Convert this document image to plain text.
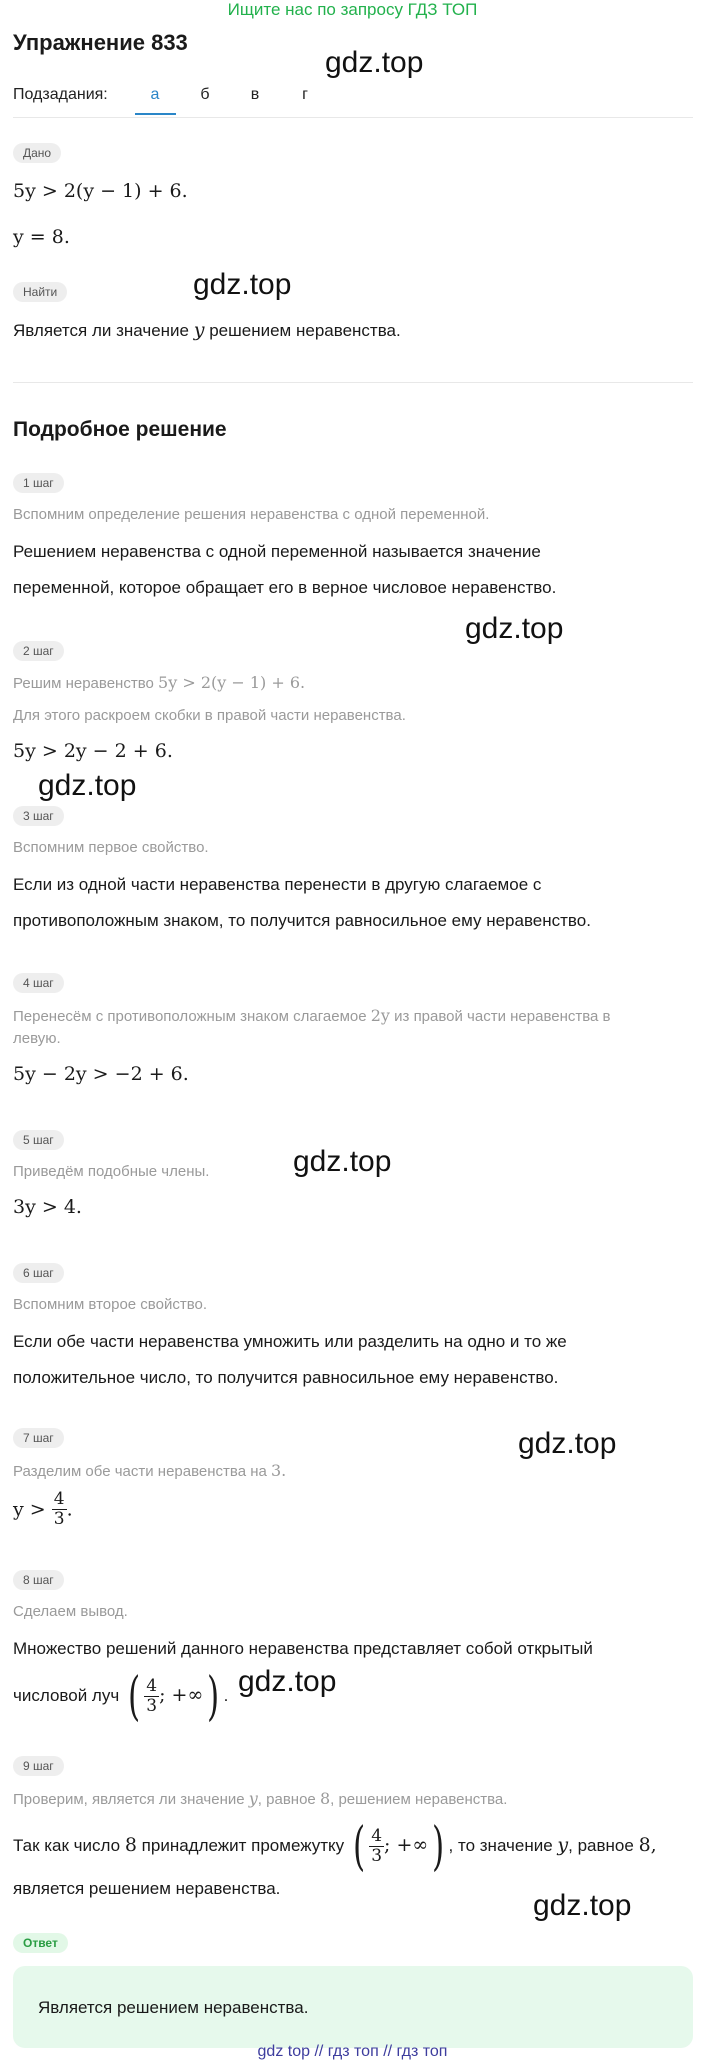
Ищите нас по запросу ГДЗ ТОП
Упражнение 833
gdz.top
Подзадания:	а	б	в	г
Дано
5y > 2(y − 1) + 6.
y = 8.
Найти	gdz.top
Является ли значение y решением неравенства.
Подробное решение
1 шаг
Вспомним определение решения неравенства с одной переменной.
Решением неравенства с одной переменной называется значение
переменной, которое обращает его в верное числовое неравенство.
gdz.top
2 шаг
Решим неравенство 5y > 2(y − 1) + 6.
Для этого раскроем скобки в правой части неравенства.
5y > 2y − 2 + 6.
gdz.top
3 шаг
Вспомним первое свойство.
Если из одной части неравенства перенести в другую слагаемое с
противоположным знаком, то получится равносильное ему неравенство.
4 шаг
Перенесём с противоположным знаком слагаемое 2y из правой части неравенства в
левую.
5y − 2y > −2 + 6.
5 шаг
Приведём подобные члены.	gdz.top
3y > 4.
6 шаг
Вспомним второе свойство.
Если обе части неравенства умножить или разделить на одно и то же
положительное число, то получится равносильное ему неравенство.
7 шаг	gdz.top
Разделим обе части неравенства на 3.
$y > \frac{4}{3}$ .
8 шаг
Сделаем вывод.
Множество решений данного неравенства представляет собой открытый
числовой луч ( $\frac{4}{3}$ ; +∞) . gdz.top
9 шаг
Проверим, является ли значение y, равное 8, решением неравенства.
Так как число 8 принадлежит промежутку ( $\frac{4}{3}$ ; +∞) , то значение y, равное 8,
является решением неравенства.
gdz.top
Ответ
Является решением неравенства.
gdz top // гдз топ // гдз топ
